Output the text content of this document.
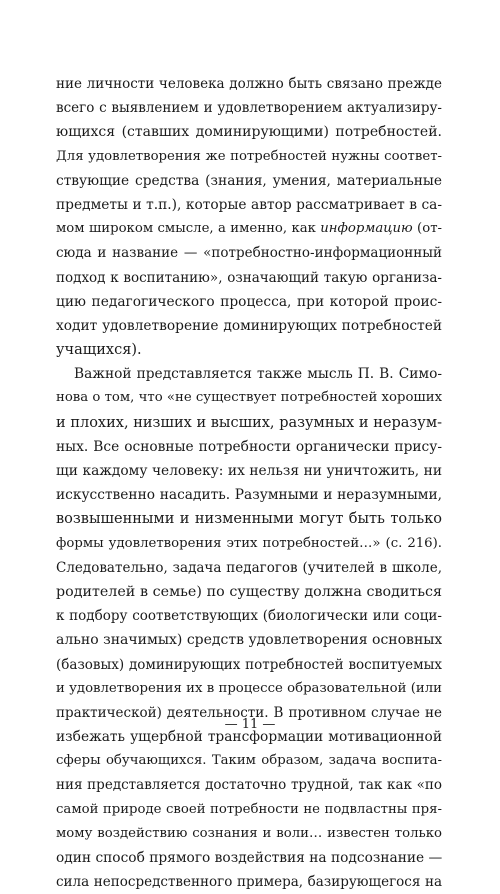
ние личности человека должно быть связано прежде
всего с выявлением и удовлетворением актуализиру-
ющихся (ставших доминирующими) потребностей.
Для удовлетворения же потребностей нужны соответ-
ствующие средства (знания, умения, материальные
предметы и т.п.), которые автор рассматривает в са-
мом широком смысле, а именно, как информацию (от-
сюда и название — «потребностно-информационный
подход к воспитанию», означающий такую организа-
цию педагогического процесса, при которой проис-
ходит удовлетворение доминирующих потребностей
учащихся).
Важной представляется также мысль П. В. Симо-
нова о том, что «не существует потребностей хороших
и плохих, низших и высших, разумных и неразум-
ных. Все основные потребности органически прису-
щи каждому человеку: их нельзя ни уничтожить, ни
искусственно насадить. Разумными и неразумными,
возвышенными и низменными могут быть только
формы удовлетворения этих потребностей…» (с. 216).
Следовательно, задача педагогов (учителей в школе,
родителей в семье) по существу должна сводиться
к подбору соответствующих (биологически или соци-
ально значимых) средств удовлетворения основных
(базовых) доминирующих потребностей воспитуемых
и удовлетворения их в процессе образовательной (или
практической) деятельности. В противном случае не
избежать ущербной трансформации мотивационной
сферы обучающихся. Таким образом, задача воспита-
ния представляется достаточно трудной, так как «по
самой природе своей потребности не подвластны пря-
мому воздействию сознания и воли… известен только
один способ прямого воздействия на подсознание —
сила непосредственного примера, базирующегося на
— 11 —
